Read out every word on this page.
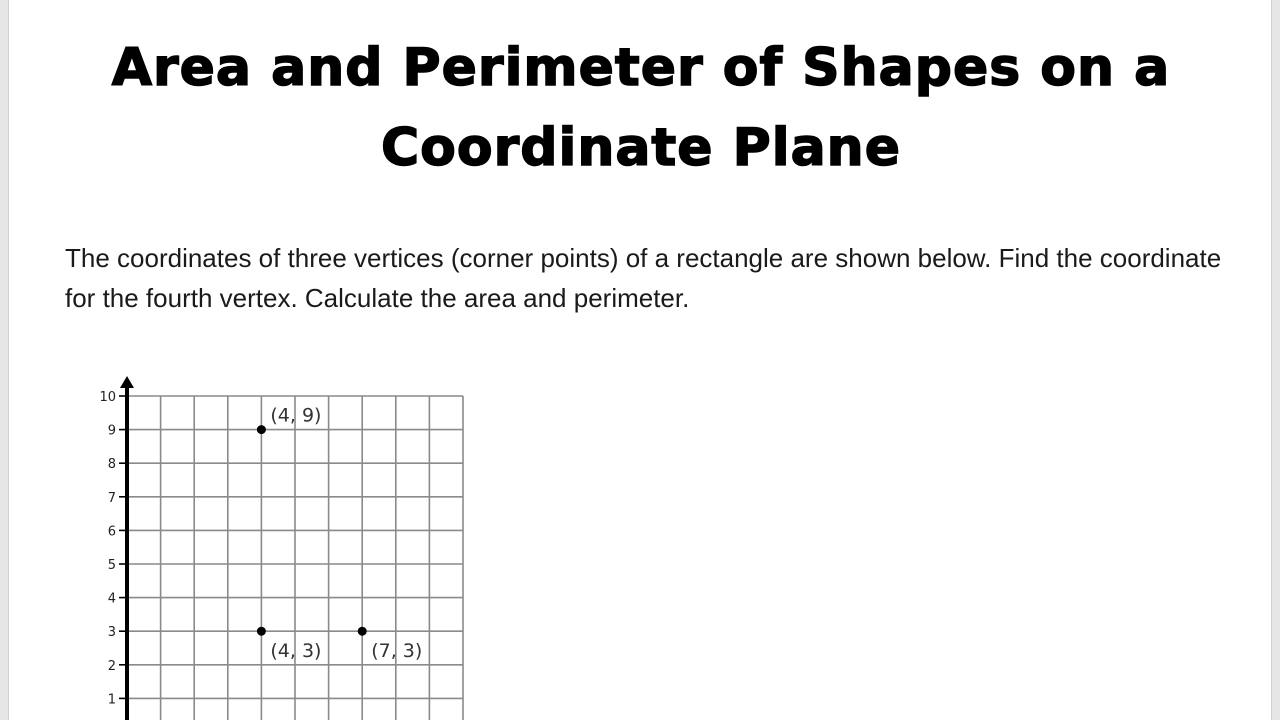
Area and Perimeter of Shapes on a Coordinate Plane

The coordinates of three vertices (corner points) of a rectangle are shown below. Find the coordinate for the fourth vertex. Calculate the area and perimeter.

1
2
3
4
5
6
7
8
9
10
(4, 9)
(4, 3)	(7, 3)
